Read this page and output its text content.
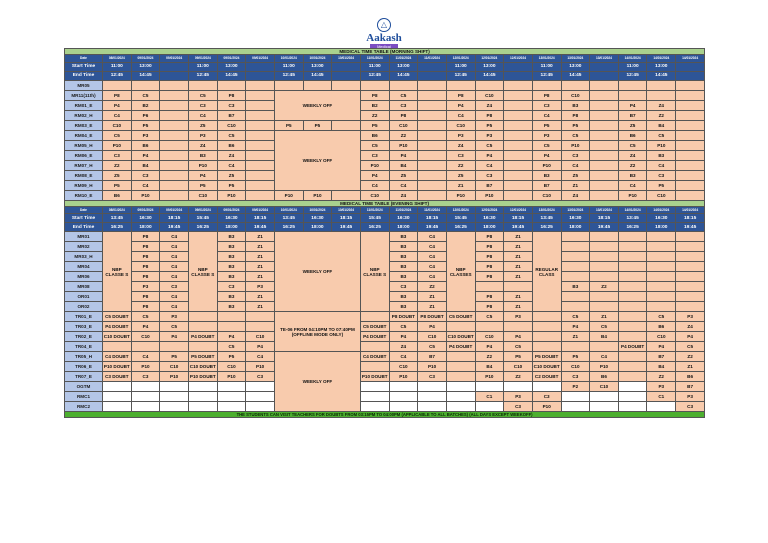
△
Aakash
Medical
MEDICAL TIME TABLE (MORNING SHIFT)																					
Date	08/01/2024	09/01/2024	09/01/2024	09/01/2024	09/01/2024	09/01/2024	10/01/2024	10/01/2024	10/01/2024	11/01/2024	11/01/2024	11/01/2024	12/01/2024	12/01/2024	12/01/2024	13/01/2024	13/01/2024	13/01/2024	14/01/2024	14/01/2024	14/01/2024
Start Time	11:00	13:00		11:00	13:00		11:00	13:00		11:00	13:00		11:00	13:00		11:00	13:00		11:00	13:00	
End Time	12:45	14:45		12:45	14:45		12:45	14:45		12:45	14:45		12:45	14:45		12:45	14:45		12:45	14:45	
MR05																					
MR11(11th)	P8	C5		C5	P8		WEEKLY OFF			P8	C5		P8	C10		P8	C10				
RM01_E	P4	B2		C3	C3					B2	C3		P4	Z4		C3	B3		P4	Z4	
RM02_H	C4	P6		C4	B7					Z2	P8		C4	P8		C4	P8		B7	Z2	
RM03_E	C10	P5		Z5	C10		P5	P5		P5	C10		C10	P5		P5	P5		Z5	B4	
RM04_E	C5	P3		P3	C5		WEEKLY OFF			B6	Z2		P3	P3		P3	C5		B6	C5	
RM05_H	P10	B6		Z4	B6					C5	P10		Z4	C5		C5	P10		C5	P10	
RM06_E	C3	P4		B3	Z4					C3	P4		C3	P4		P4	C3		Z4	B3	
RM07_H	Z2	B4		P10	C4					P10	B4		Z2	C4		P10	C4		Z2	C4	
RM08_E	Z5	C3		P4	Z5					P4	Z5		Z5	C3		B3	Z5		B3	C3	
RM09_H	P5	C4		P5	P5					C4	C4		Z1	B7		B7	Z1		C4	P5	
RM10_E	B6	P10		C10	P10		P10	P10		C10	Z4		P10	P10		C10	Z4		P10	C10	
MEDICAL TIME TABLE (EVENING SHIFT)																					
Date	08/01/2024	09/01/2024	09/01/2024	09/01/2024	09/01/2024	09/01/2024	10/01/2024	10/01/2024	10/01/2024	11/01/2024	11/01/2024	11/01/2024	12/01/2024	12/01/2024	12/01/2024	13/01/2024	13/01/2024	13/01/2024	14/01/2024	14/01/2024	14/01/2024
Start Time	13:45	16:30	18:15	15:45	16:30	18:15	13:45	16:30	18:15	15:45	16:30	18:15	15:45	16:30	18:15	13:45	16:30	18:15	13:45	16:30	18:15
End Time	16:25	18:00	19:45	16:25	18:00	19:45	16:25	18:00	19:45	16:25	18:00	19:45	16:25	18:00	19:45	16:25	18:00	19:45	16:25	18:00	19:45
MR01	NBP CLASSE S	P8	C4	NBP CLASSE S	B3	Z1	WEEKLY OFF			NBP CLASSE S	B3	C4	NBP CLASSES	P8	Z1	REGULAR CLASS					
MR02		P8	C4		B3	Z1					B3	C4		P8	Z1						
MR03_H		P8	C4		B3	Z1					B3	C4		P8	Z1						
MR04		P8	C4		B3	Z1					B3	C4		P8	Z1						
MR06		P8	C4		B3	Z1					B3	C4		P8	Z1						
MR08		P3	C3		C3	P3					C3	Z2					B3	Z2			
OR01		P8	C4		B3	Z1					B3	Z1		P8	Z1						
OR02		P8	C4		B3	Z1					B3	Z1		P8	Z1						
TR01_E	C5 DOUBT	C5	P3				TE-06 FROM 04:10PM TO 07:40PM (OFFLINE MODE ONLY)				P8 DOUBT	P8 DOUBT	C5 DOUBT	C5	P3		C5	Z1		C5	P3
TR03_E	P4 DOUBT	P4	C5							C5 DOUBT	C5	P4					P4	C5		B6	Z4
TR02_E	C10 DOUBT	C10	P4	P4 DOUBT	P4	C10				P4 DOUBT	P4	C10	C10 DOUBT	C10	P4		Z1	B4		C10	P4
TR04_E					C5	P4					Z4	C5	P4 DOUBT	P4	C5				P4 DOUBT	P4	C5
TR05_H	C4 DOUBT	C4	P5	P5 DOUBT	P5	C4	WEEKLY OFF			C4 DOUBT	C4	B7		Z2	P5	P5 DOUBT	P5	C4		B7	Z2
TR06_E	P10 DOUBT	P10	C10	C10 DOUBT	C10	P10					C10	P10		B4	C10	C10 DOUBT	C10	P10		B4	Z1
TR07_E	C3 DOUBT	C3	P10	P10 DOUBT	P10	C3				P10 DOUBT	P10	C3		P10	Z2	C2 DOUBT	C3	B6		Z2	B6
OGTM																	P2	C10		P3	B7
RMC1														C1	P3	C3				C1	P3
RMC2															C3	P10					C3
THE STUDENTS CAN VISIT TEACHERS FOR DOUBTS FROM 03:15PM TO 04:00PM (APPLICABLE TO ALL BATCHES) (ALL DAYS EXCEPT WEEKOFF)																					
